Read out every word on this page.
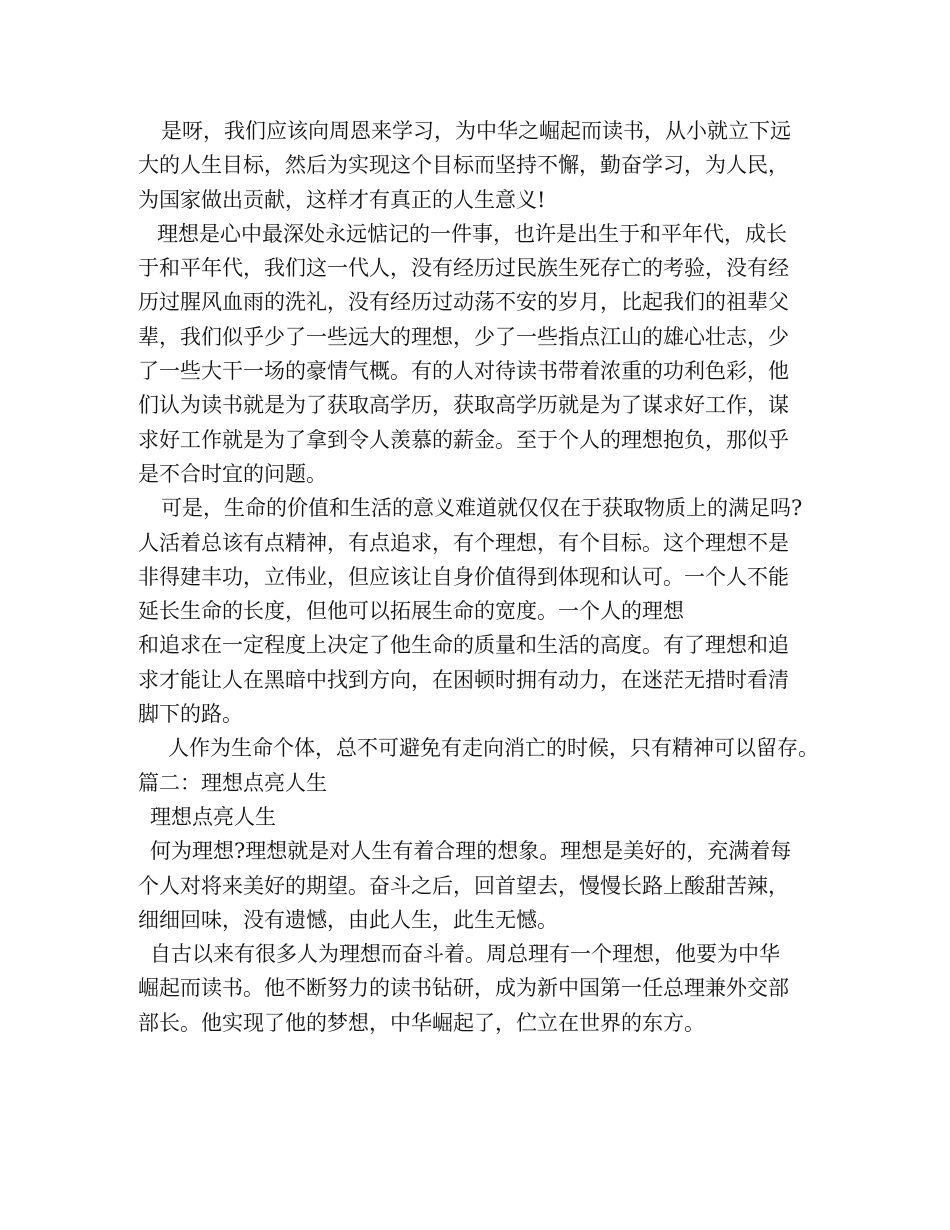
是呀，我们应该向周恩来学习，为中华之崛起而读书，从小就立下远
大的人生目标，然后为实现这个目标而坚持不懈，勤奋学习，为人民，
为国家做出贡献，这样才有真正的人生意义!
理想是心中最深处永远惦记的一件事，也许是出生于和平年代，成长
于和平年代，我们这一代人，没有经历过民族生死存亡的考验，没有经
历过腥风血雨的洗礼，没有经历过动荡不安的岁月，比起我们的祖辈父
辈，我们似乎少了一些远大的理想，少了一些指点江山的雄心壮志，少
了一些大干一场的豪情气概。有的人对待读书带着浓重的功利色彩，他
们认为读书就是为了获取高学历，获取高学历就是为了谋求好工作，谋
求好工作就是为了拿到令人羡慕的薪金。至于个人的理想抱负，那似乎
是不合时宜的问题。
可是，生命的价值和生活的意义难道就仅仅在于获取物质上的满足吗?
人活着总该有点精神，有点追求，有个理想，有个目标。这个理想不是
非得建丰功，立伟业，但应该让自身价值得到体现和认可。一个人不能
延长生命的长度，但他可以拓展生命的宽度。一个人的理想
和追求在一定程度上决定了他生命的质量和生活的高度。有了理想和追
求才能让人在黑暗中找到方向，在困顿时拥有动力，在迷茫无措时看清
脚下的路。
人作为生命个体，总不可避免有走向消亡的时候，只有精神可以留存。
篇二：理想点亮人生
理想点亮人生
何为理想?理想就是对人生有着合理的想象。理想是美好的，充满着每
个人对将来美好的期望。奋斗之后，回首望去，慢慢长路上酸甜苦辣，
细细回味，没有遗憾，由此人生，此生无憾。
自古以来有很多人为理想而奋斗着。周总理有一个理想，他要为中华
崛起而读书。他不断努力的读书钻研，成为新中国第一任总理兼外交部
部长。他实现了他的梦想，中华崛起了，伫立在世界的东方。
